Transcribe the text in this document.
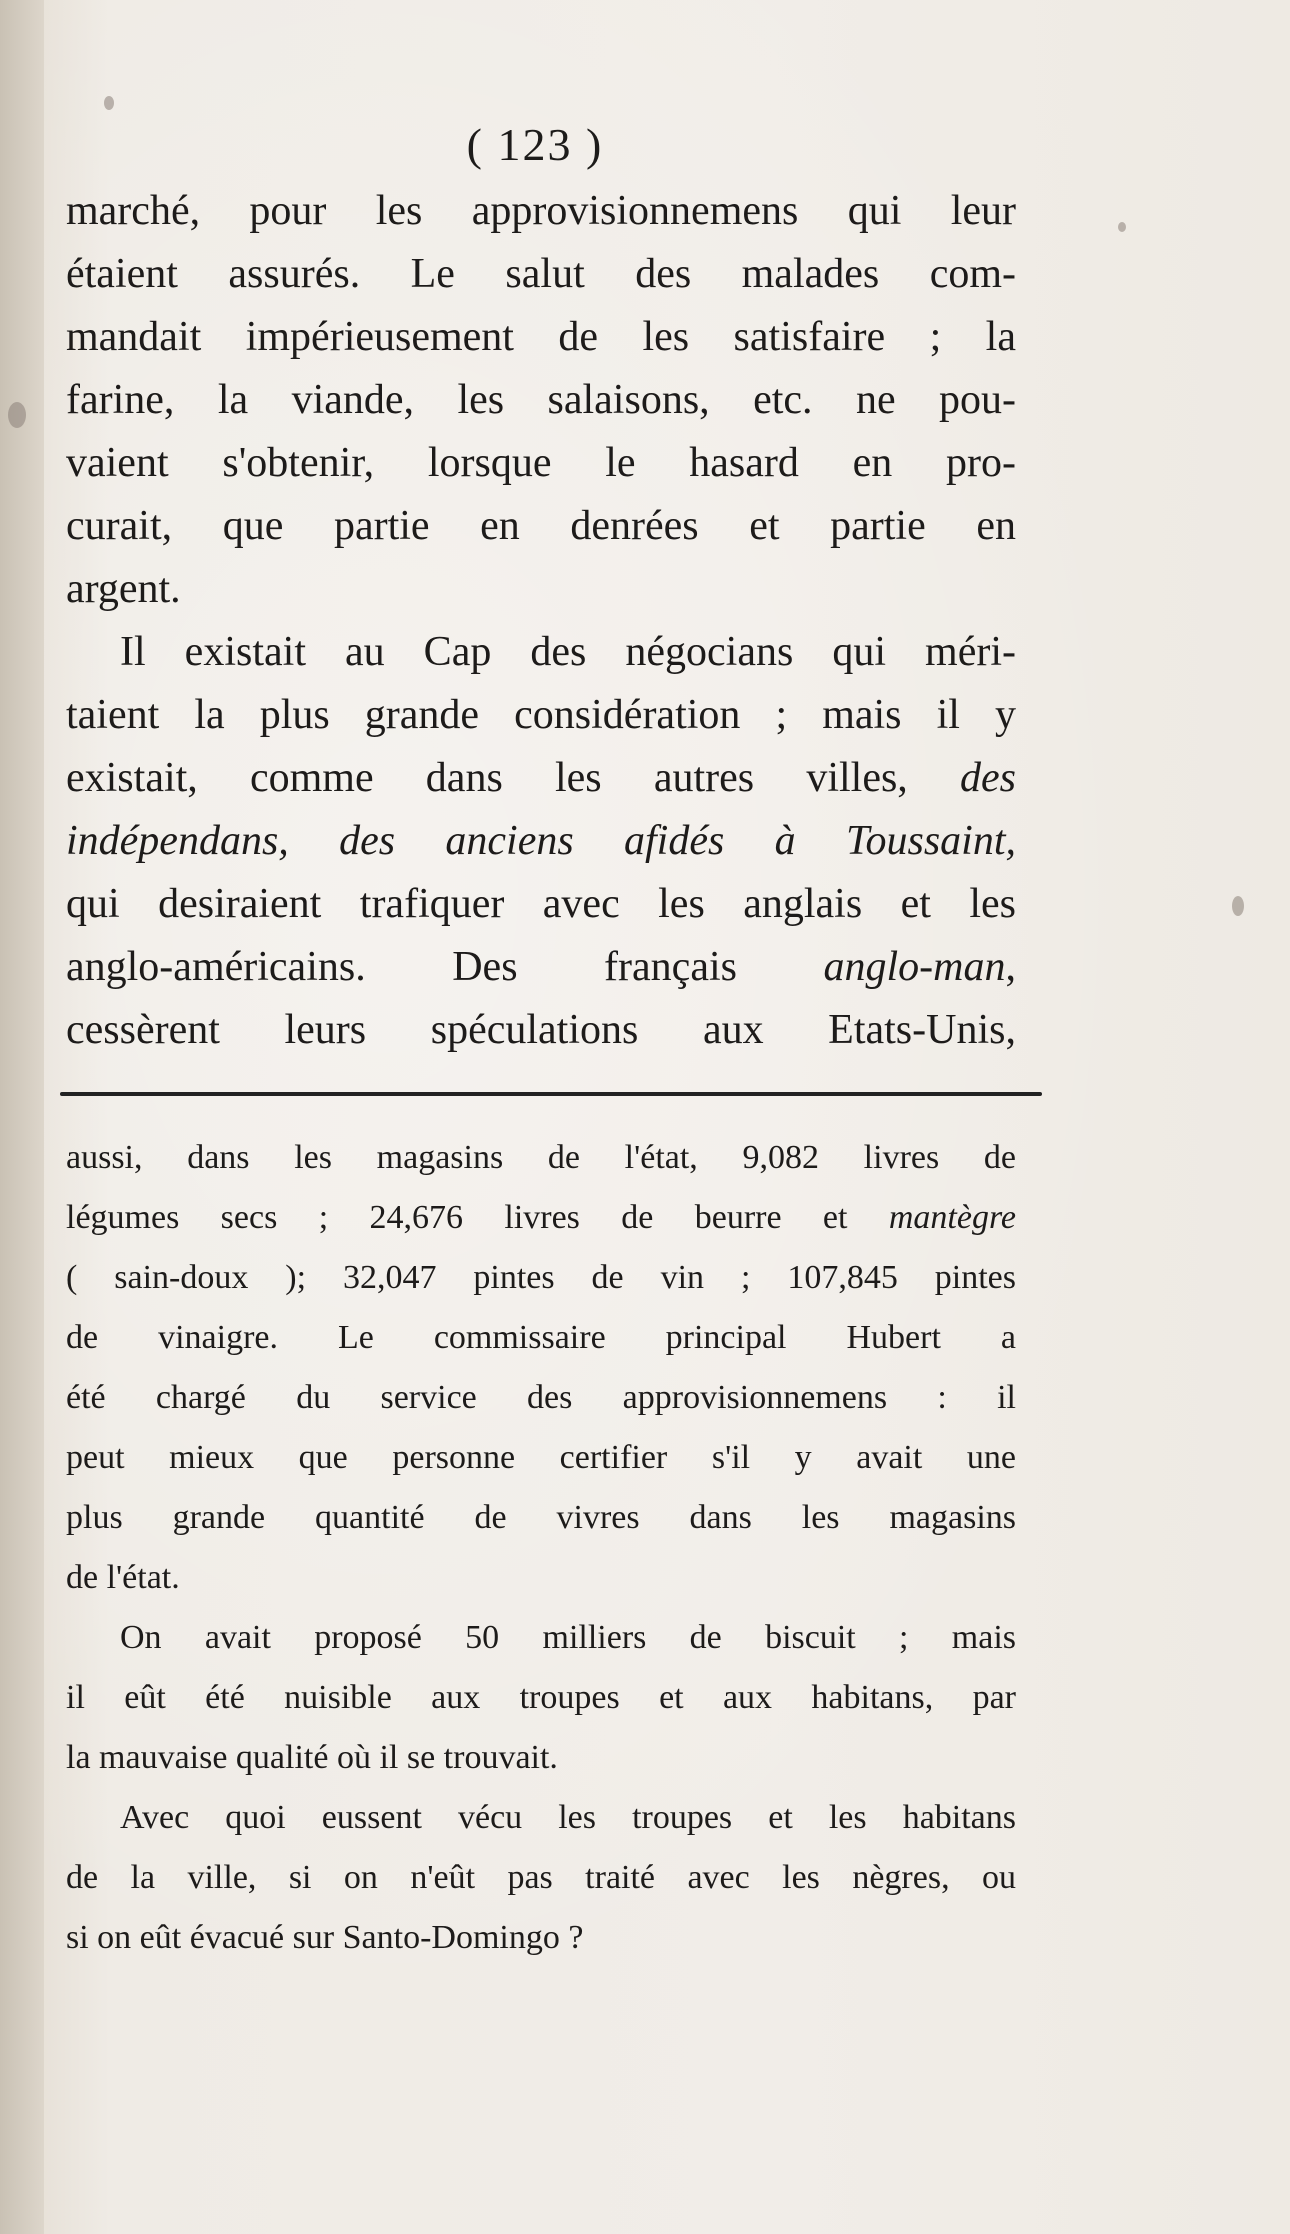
( 123 )
marché, pour les approvisionnemens qui leur
étaient assurés. Le salut des malades com-
mandait impérieusement de les satisfaire ; la
farine, la viande, les salaisons, etc. ne pou-
vaient s'obtenir, lorsque le hasard en pro-
curait, que partie en denrées et partie en
argent.
Il existait au Cap des négocians qui méri-
taient la plus grande considération ; mais il y
existait, comme dans les autres villes, des
indépendans, des anciens afidés à Toussaint,
qui desiraient trafiquer avec les anglais et les
anglo-américains. Des français anglo-man,
cessèrent leurs spéculations aux Etats-Unis,
aussi, dans les magasins de l'état, 9,082 livres de
légumes secs ; 24,676 livres de beurre et mantègre
( sain-doux ); 32,047 pintes de vin ; 107,845 pintes
de vinaigre. Le commissaire principal Hubert a
été chargé du service des approvisionnemens : il
peut mieux que personne certifier s'il y avait une
plus grande quantité de vivres dans les magasins
de l'état.
On avait proposé 50 milliers de biscuit ; mais
il eût été nuisible aux troupes et aux habitans, par
la mauvaise qualité où il se trouvait.
Avec quoi eussent vécu les troupes et les habitans
de la ville, si on n'eût pas traité avec les nègres, ou
si on eût évacué sur Santo-Domingo ?
